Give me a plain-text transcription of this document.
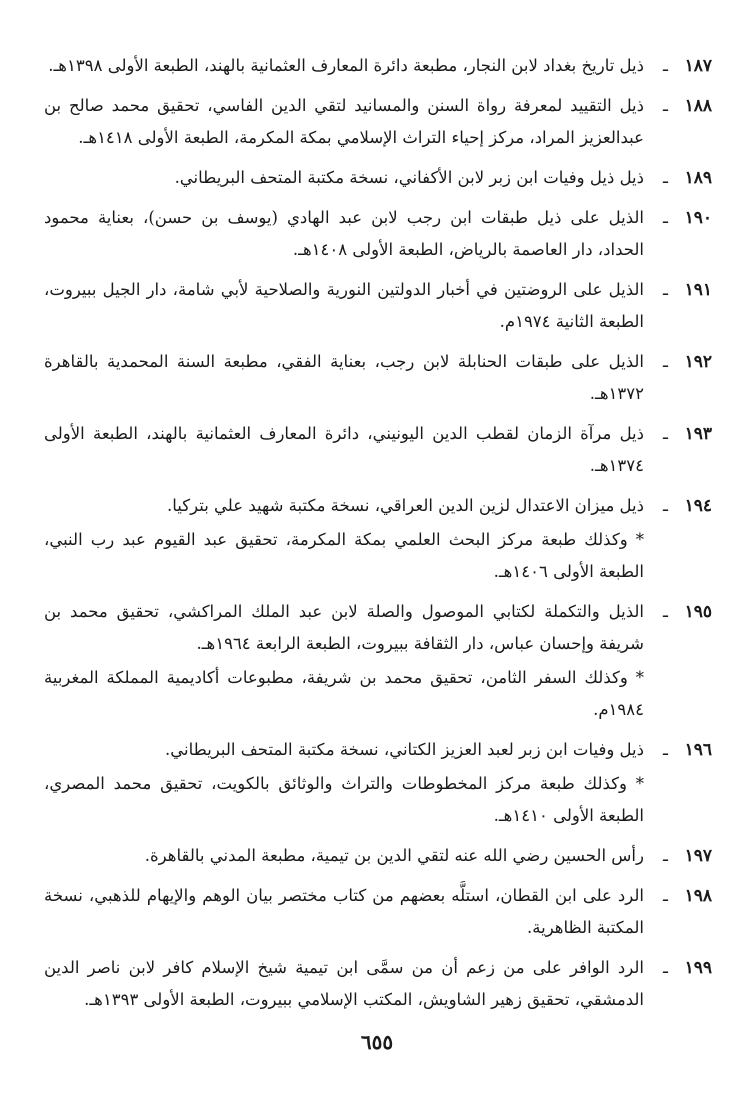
١٨٧
ـ
ذيل تاريخ بغداد لابن النجار، مطبعة دائرة المعارف العثمانية بالهند، الطبعة الأولى ١٣٩٨هـ.
١٨٨
ـ
ذيل التقييد لمعرفة رواة السنن والمسانيد لتقي الدين الفاسي، تحقيق محمد صالح بن عبدالعزيز المراد، مركز إحياء التراث الإسلامي بمكة المكرمة، الطبعة الأولى ١٤١٨هـ.
١٨٩
ـ
ذيل ذيل وفيات ابن زبر لابن الأكفاني، نسخة مكتبة المتحف البريطاني.
١٩٠
ـ
الذيل على ذيل طبقات ابن رجب لابن عبد الهادي (يوسف بن حسن)، بعناية محمود الحداد، دار العاصمة بالرياض، الطبعة الأولى ١٤٠٨هـ.
١٩١
ـ
الذيل على الروضتين في أخبار الدولتين النورية والصلاحية لأبي شامة، دار الجيل ببيروت، الطبعة الثانية ١٩٧٤م.
١٩٢
ـ
الذيل على طبقات الحنابلة لابن رجب، بعناية الفقي، مطبعة السنة المحمدية بالقاهرة ١٣٧٢هـ.
١٩٣
ـ
ذيل مرآة الزمان لقطب الدين اليونيني، دائرة المعارف العثمانية بالهند، الطبعة الأولى ١٣٧٤هـ.
١٩٤
ـ
ذيل ميزان الاعتدال لزين الدين العراقي، نسخة مكتبة شهيد علي بتركيا.
* وكذلك طبعة مركز البحث العلمي بمكة المكرمة، تحقيق عبد القيوم عبد رب النبي، الطبعة الأولى ١٤٠٦هـ.
١٩٥
ـ
الذيل والتكملة لكتابي الموصول والصلة لابن عبد الملك المراكشي، تحقيق محمد بن شريفة وإحسان عباس، دار الثقافة ببيروت، الطبعة الرابعة ١٩٦٤هـ.
* وكذلك السفر الثامن، تحقيق محمد بن شريفة، مطبوعات أكاديمية المملكة المغربية ١٩٨٤م.
١٩٦
ـ
ذيل وفيات ابن زبر لعبد العزيز الكتاني، نسخة مكتبة المتحف البريطاني.
* وكذلك طبعة مركز المخطوطات والتراث والوثائق بالكويت، تحقيق محمد المصري، الطبعة الأولى ١٤١٠هـ.
١٩٧
ـ
رأس الحسين رضي الله عنه لتقي الدين بن تيمية، مطبعة المدني بالقاهرة.
١٩٨
ـ
الرد على ابن القطان، استلَّه بعضهم من كتاب مختصر بيان الوهم والإيهام للذهبي، نسخة المكتبة الظاهرية.
١٩٩
ـ
الرد الوافر على من زعم أن من سمَّى ابن تيمية شيخ الإسلام كافر لابن ناصر الدين الدمشقي، تحقيق زهير الشاويش، المكتب الإسلامي ببيروت، الطبعة الأولى ١٣٩٣هـ.
٦٥٥
